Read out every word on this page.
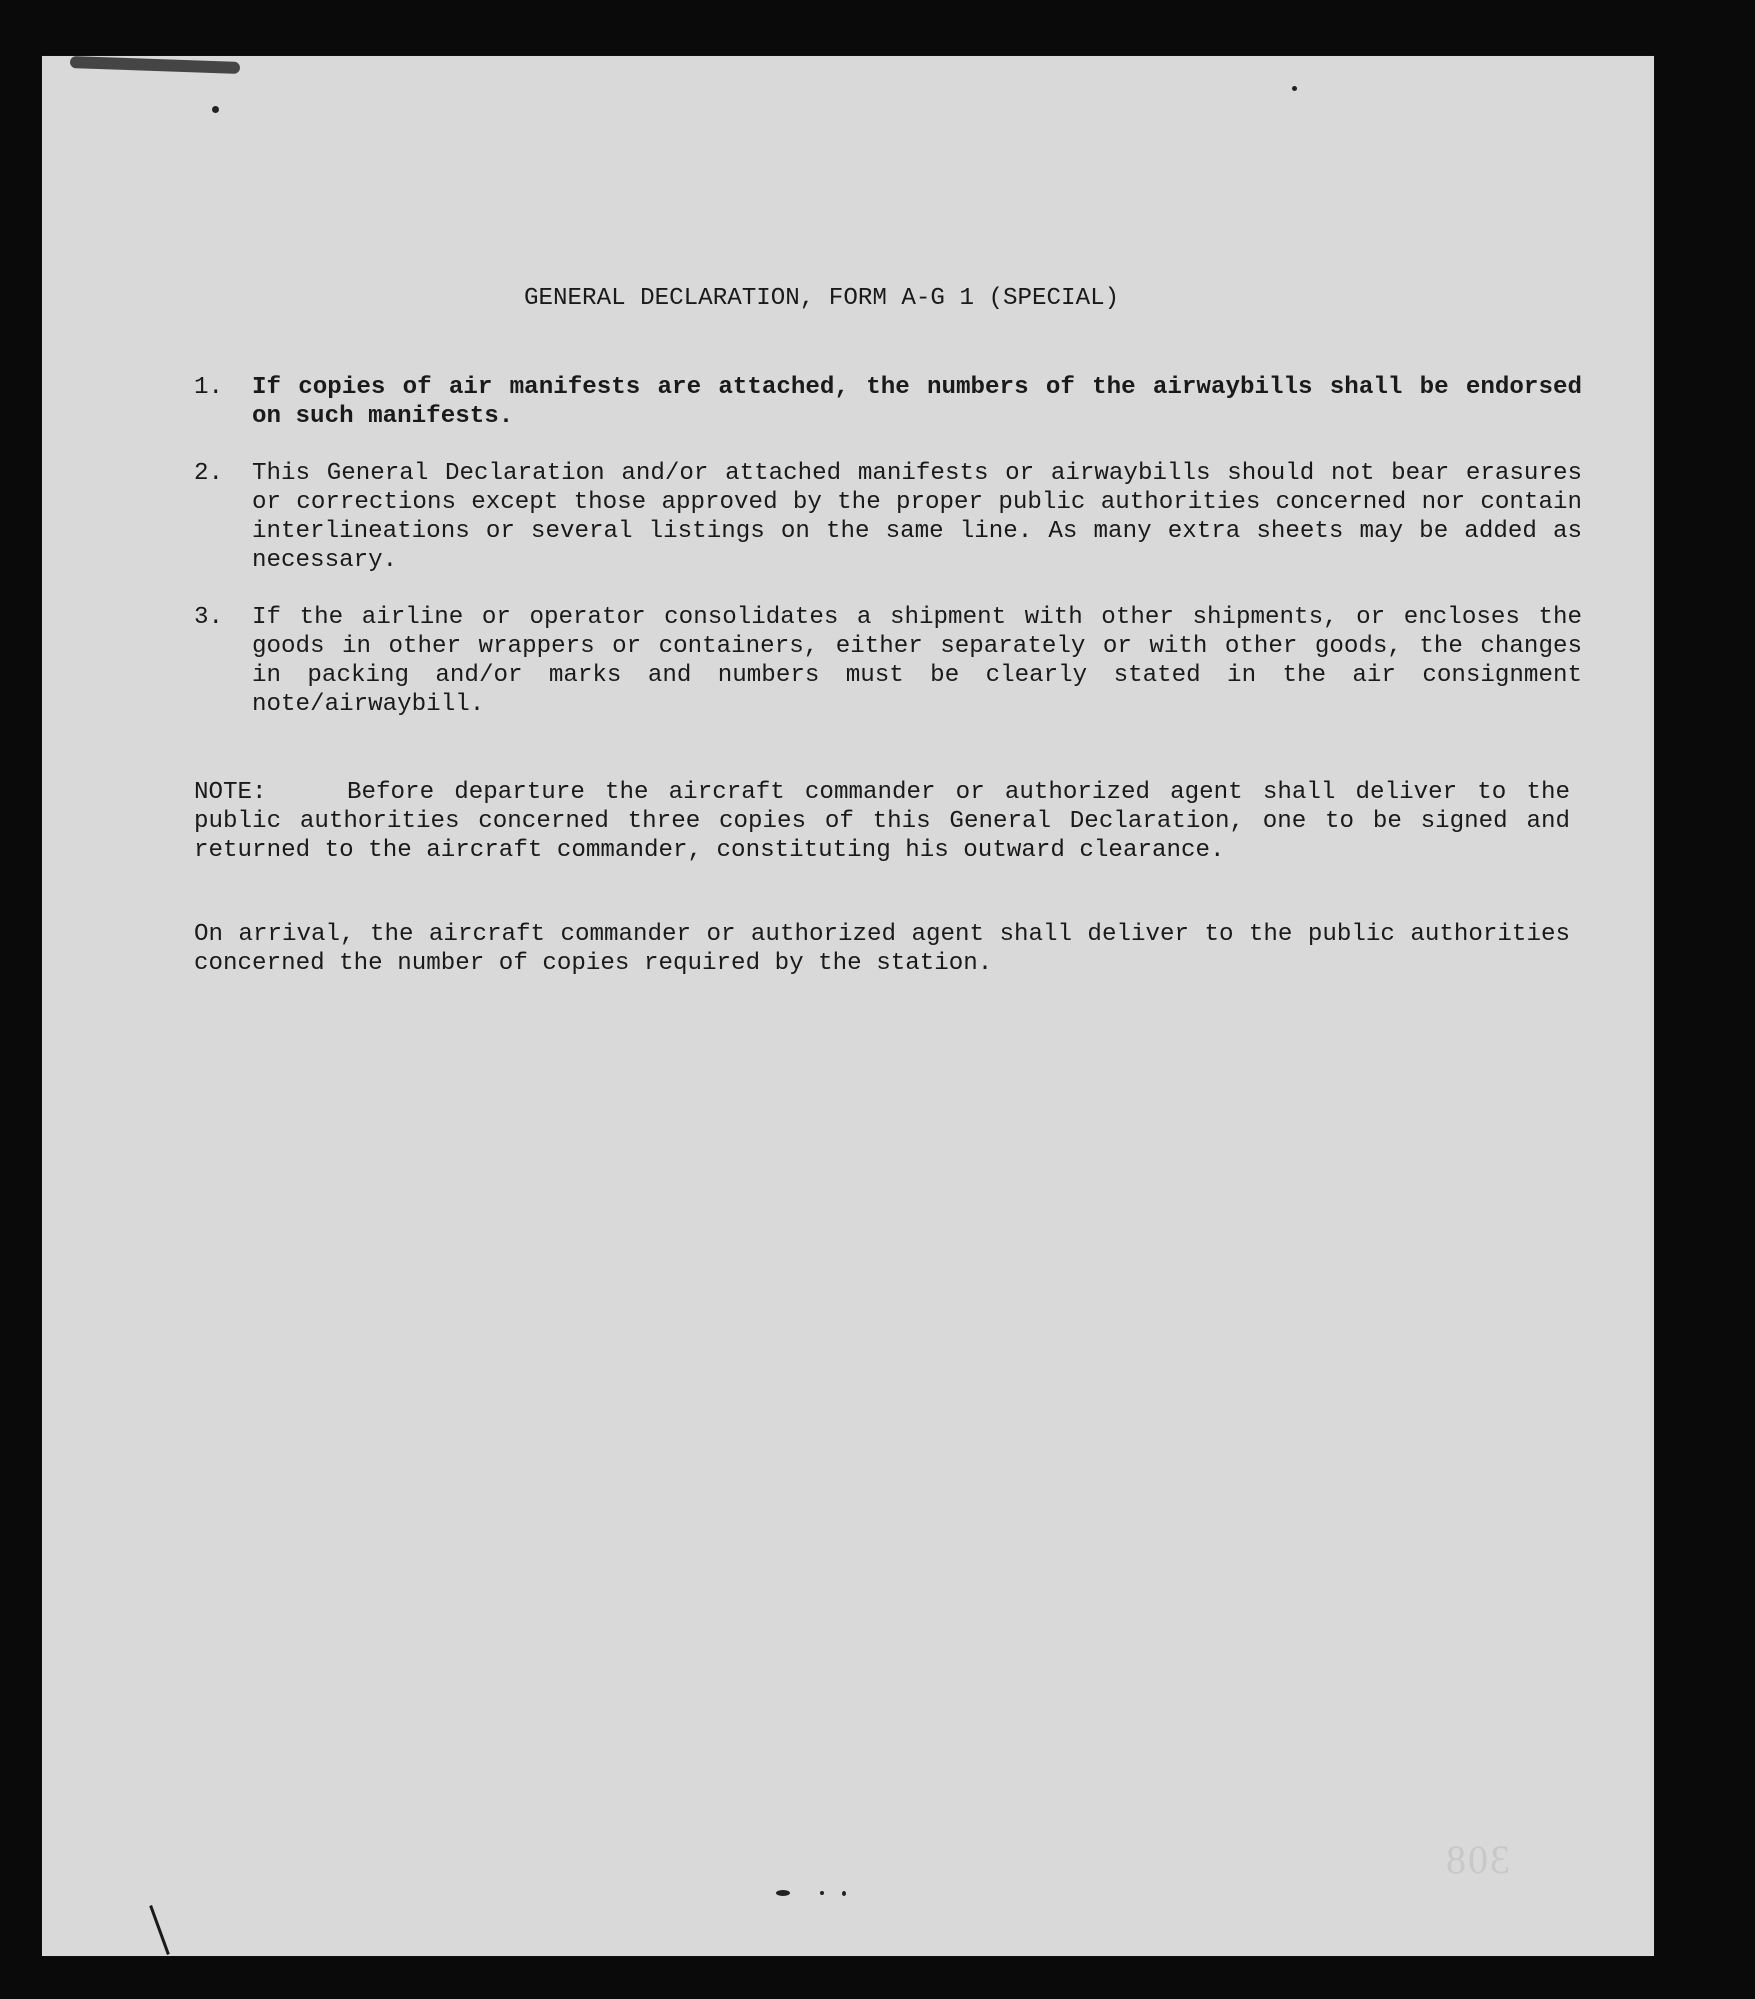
GENERAL DECLARATION, FORM A-G 1 (SPECIAL)
1.	If copies of air manifests are attached, the numbers of the airwaybills shall be endorsed on such manifests.
2.	This General Declaration and/or attached manifests or airwaybills should not bear erasures or corrections except those approved by the proper public authorities concerned nor contain interlineations or several listings on the same line. As many extra sheets may be added as necessary.
3.	If the airline or operator consolidates a shipment with other shipments, or encloses the goods in other wrappers or containers, either separately or with other goods, the changes in packing and/or marks and numbers must be clearly stated in the air consignment note/airwaybill.
NOTE:	Before departure the aircraft commander or authorized agent shall deliver to the public authorities concerned three copies of this General Declaration, one to be signed and returned to the aircraft commander, constituting his outward clearance.
On arrival, the aircraft commander or authorized agent shall deliver to the public authorities concerned the number of copies required by the station.
308
